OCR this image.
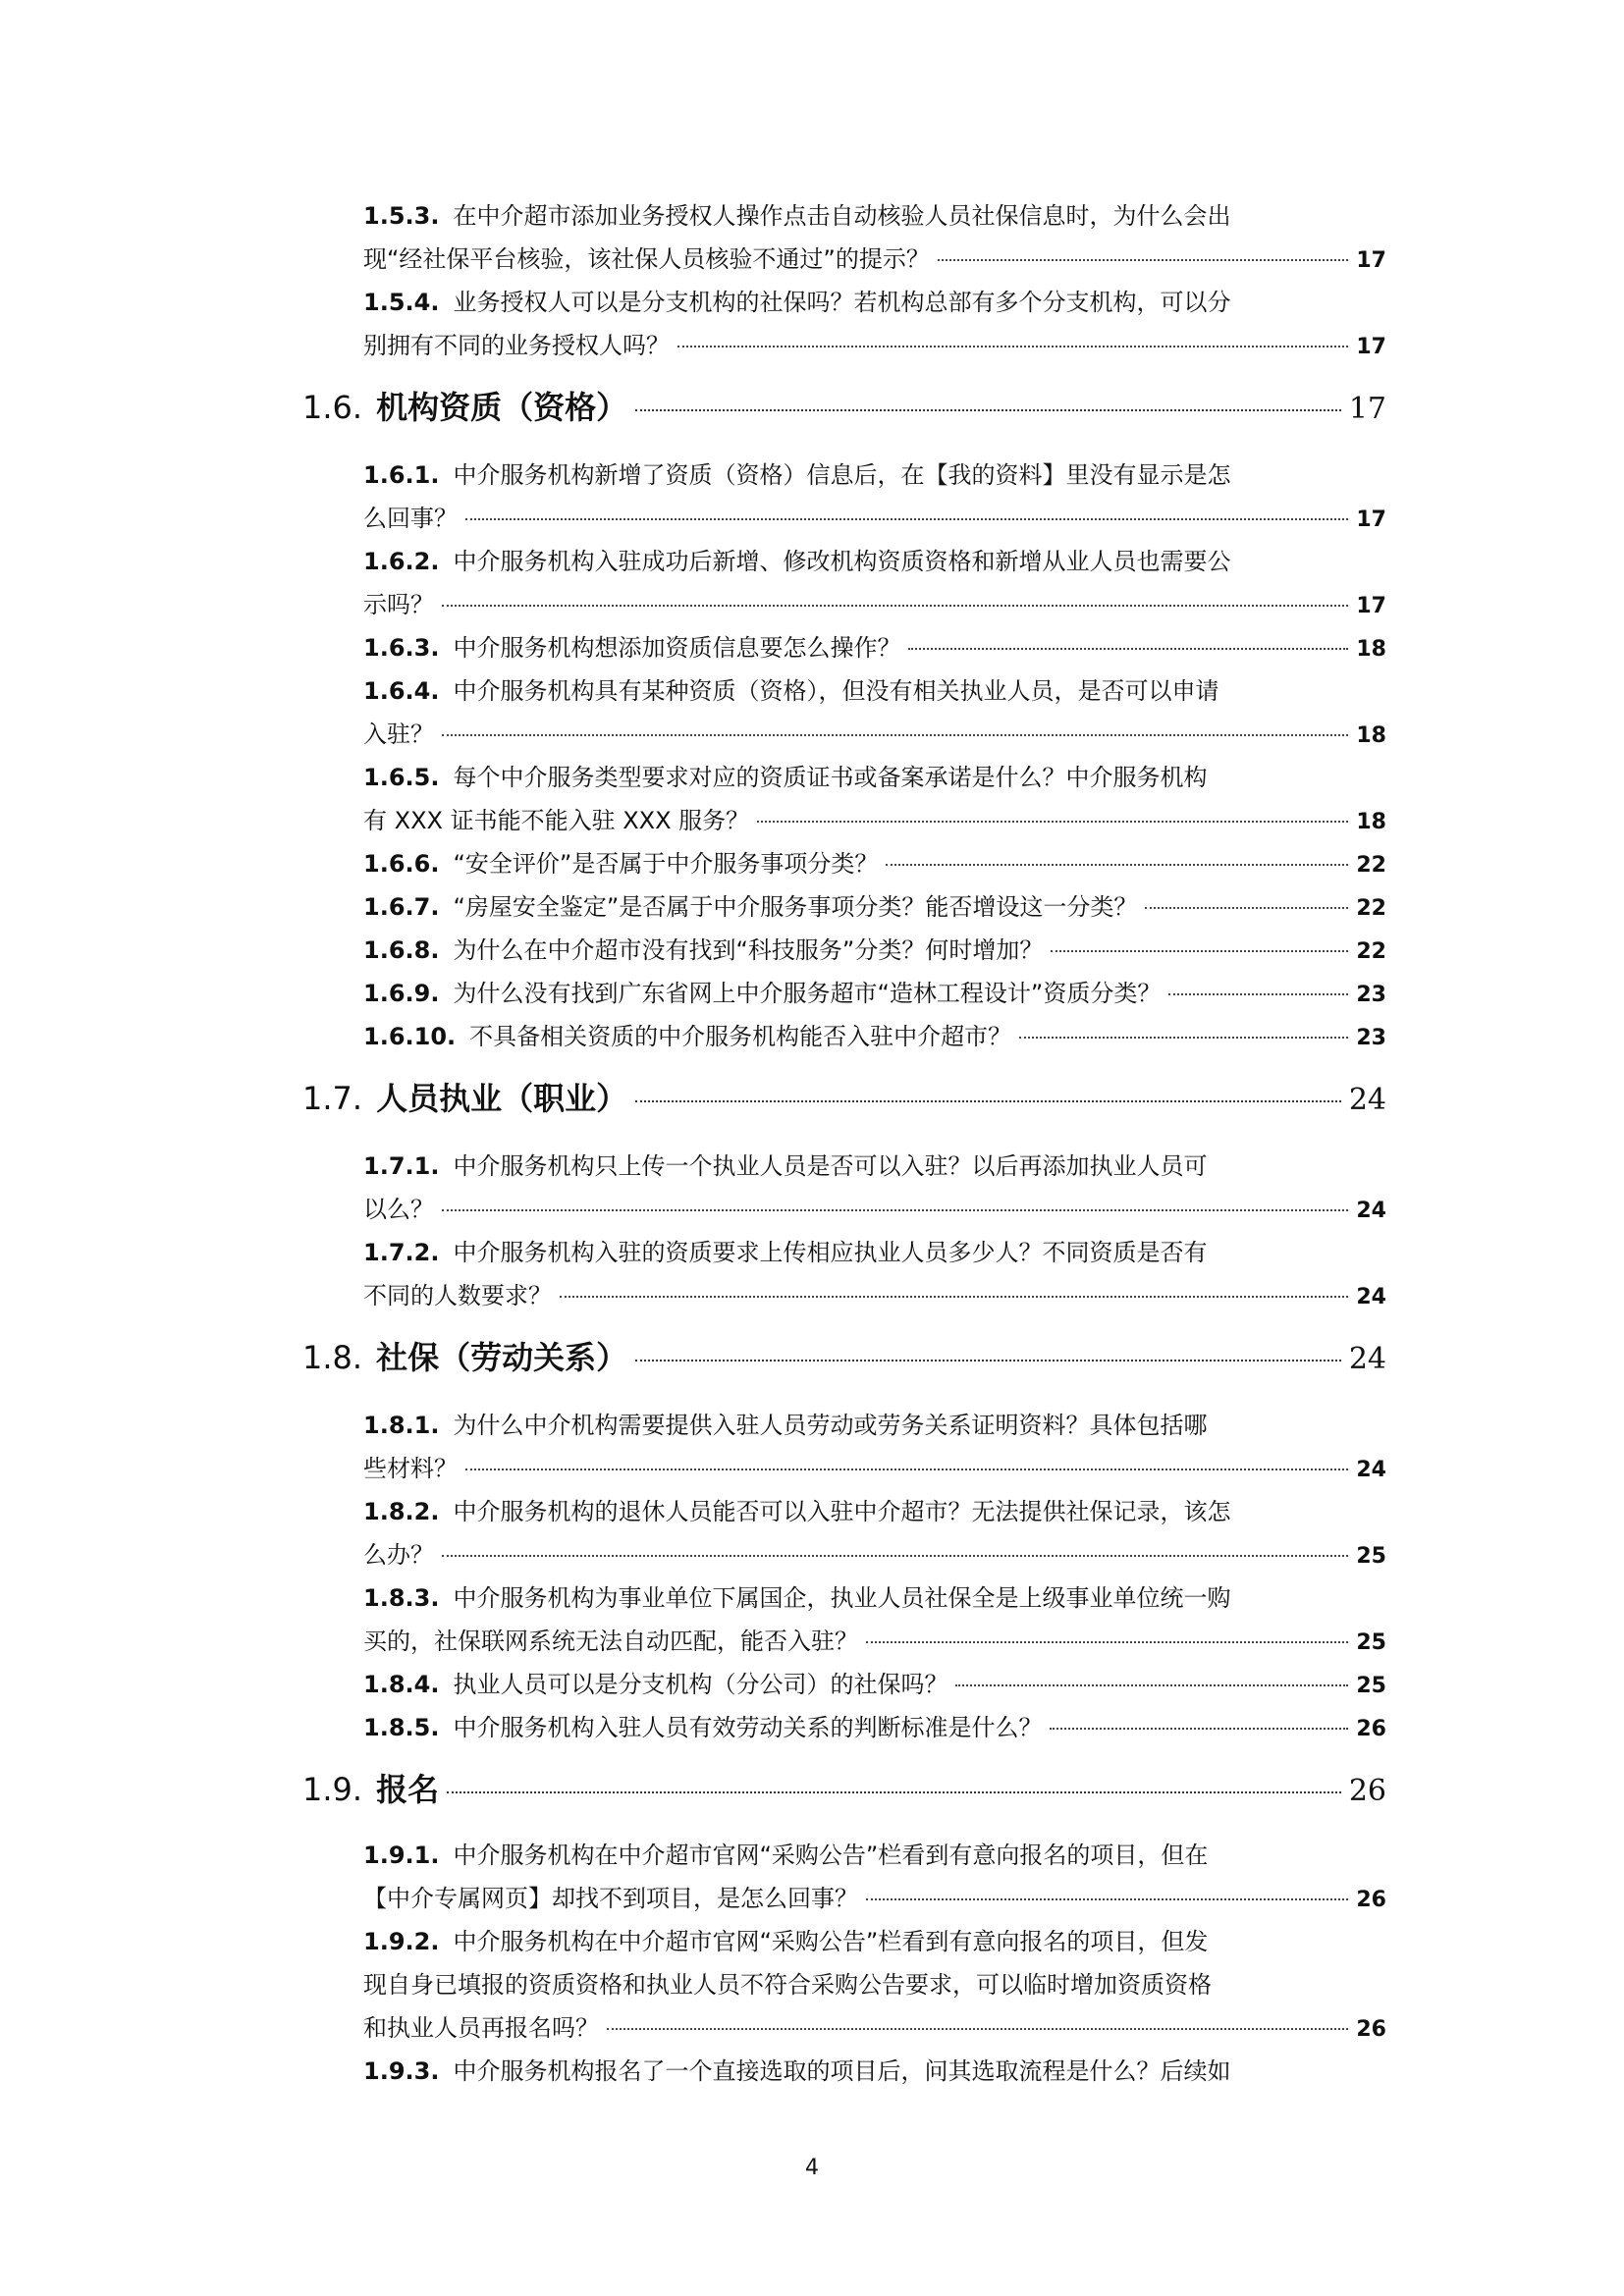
1.5.3. 在中介超市添加业务授权人操作点击自动核验人员社保信息时，为什么会出
现“经社保平台核验，该社保人员核验不通过”的提示？	17
1.5.4. 业务授权人可以是分支机构的社保吗？若机构总部有多个分支机构，可以分
别拥有不同的业务授权人吗？	17
1.6. 机构资质（资格）	17
1.6.1. 中介服务机构新增了资质（资格）信息后，在【我的资料】里没有显示是怎
么回事？	17
1.6.2. 中介服务机构入驻成功后新增、修改机构资质资格和新增从业人员也需要公
示吗？	17
1.6.3. 中介服务机构想添加资质信息要怎么操作？	18
1.6.4. 中介服务机构具有某种资质（资格），但没有相关执业人员，是否可以申请
入驻？	18
1.6.5. 每个中介服务类型要求对应的资质证书或备案承诺是什么？中介服务机构
有 XXX 证书能不能入驻 XXX 服务？	18
1.6.6. “安全评价”是否属于中介服务事项分类？	22
1.6.7. “房屋安全鉴定”是否属于中介服务事项分类？能否增设这一分类？	22
1.6.8. 为什么在中介超市没有找到“科技服务”分类？何时增加？	22
1.6.9. 为什么没有找到广东省网上中介服务超市“造林工程设计”资质分类？	23
1.6.10. 不具备相关资质的中介服务机构能否入驻中介超市？	23
1.7. 人员执业（职业）	24
1.7.1. 中介服务机构只上传一个执业人员是否可以入驻？以后再添加执业人员可
以么？	24
1.7.2. 中介服务机构入驻的资质要求上传相应执业人员多少人？不同资质是否有
不同的人数要求？	24
1.8. 社保（劳动关系）	24
1.8.1. 为什么中介机构需要提供入驻人员劳动或劳务关系证明资料？具体包括哪
些材料？	24
1.8.2. 中介服务机构的退休人员能否可以入驻中介超市？无法提供社保记录，该怎
么办？	25
1.8.3. 中介服务机构为事业单位下属国企，执业人员社保全是上级事业单位统一购
买的，社保联网系统无法自动匹配，能否入驻？	25
1.8.4. 执业人员可以是分支机构（分公司）的社保吗？	25
1.8.5. 中介服务机构入驻人员有效劳动关系的判断标准是什么？	26
1.9. 报名	26
1.9.1. 中介服务机构在中介超市官网“采购公告”栏看到有意向报名的项目，但在
【中介专属网页】却找不到项目，是怎么回事？	26
1.9.2. 中介服务机构在中介超市官网“采购公告”栏看到有意向报名的项目，但发
现自身已填报的资质资格和执业人员不符合采购公告要求，可以临时增加资质资格
和执业人员再报名吗？	26
1.9.3. 中介服务机构报名了一个直接选取的项目后，问其选取流程是什么？后续如
4
